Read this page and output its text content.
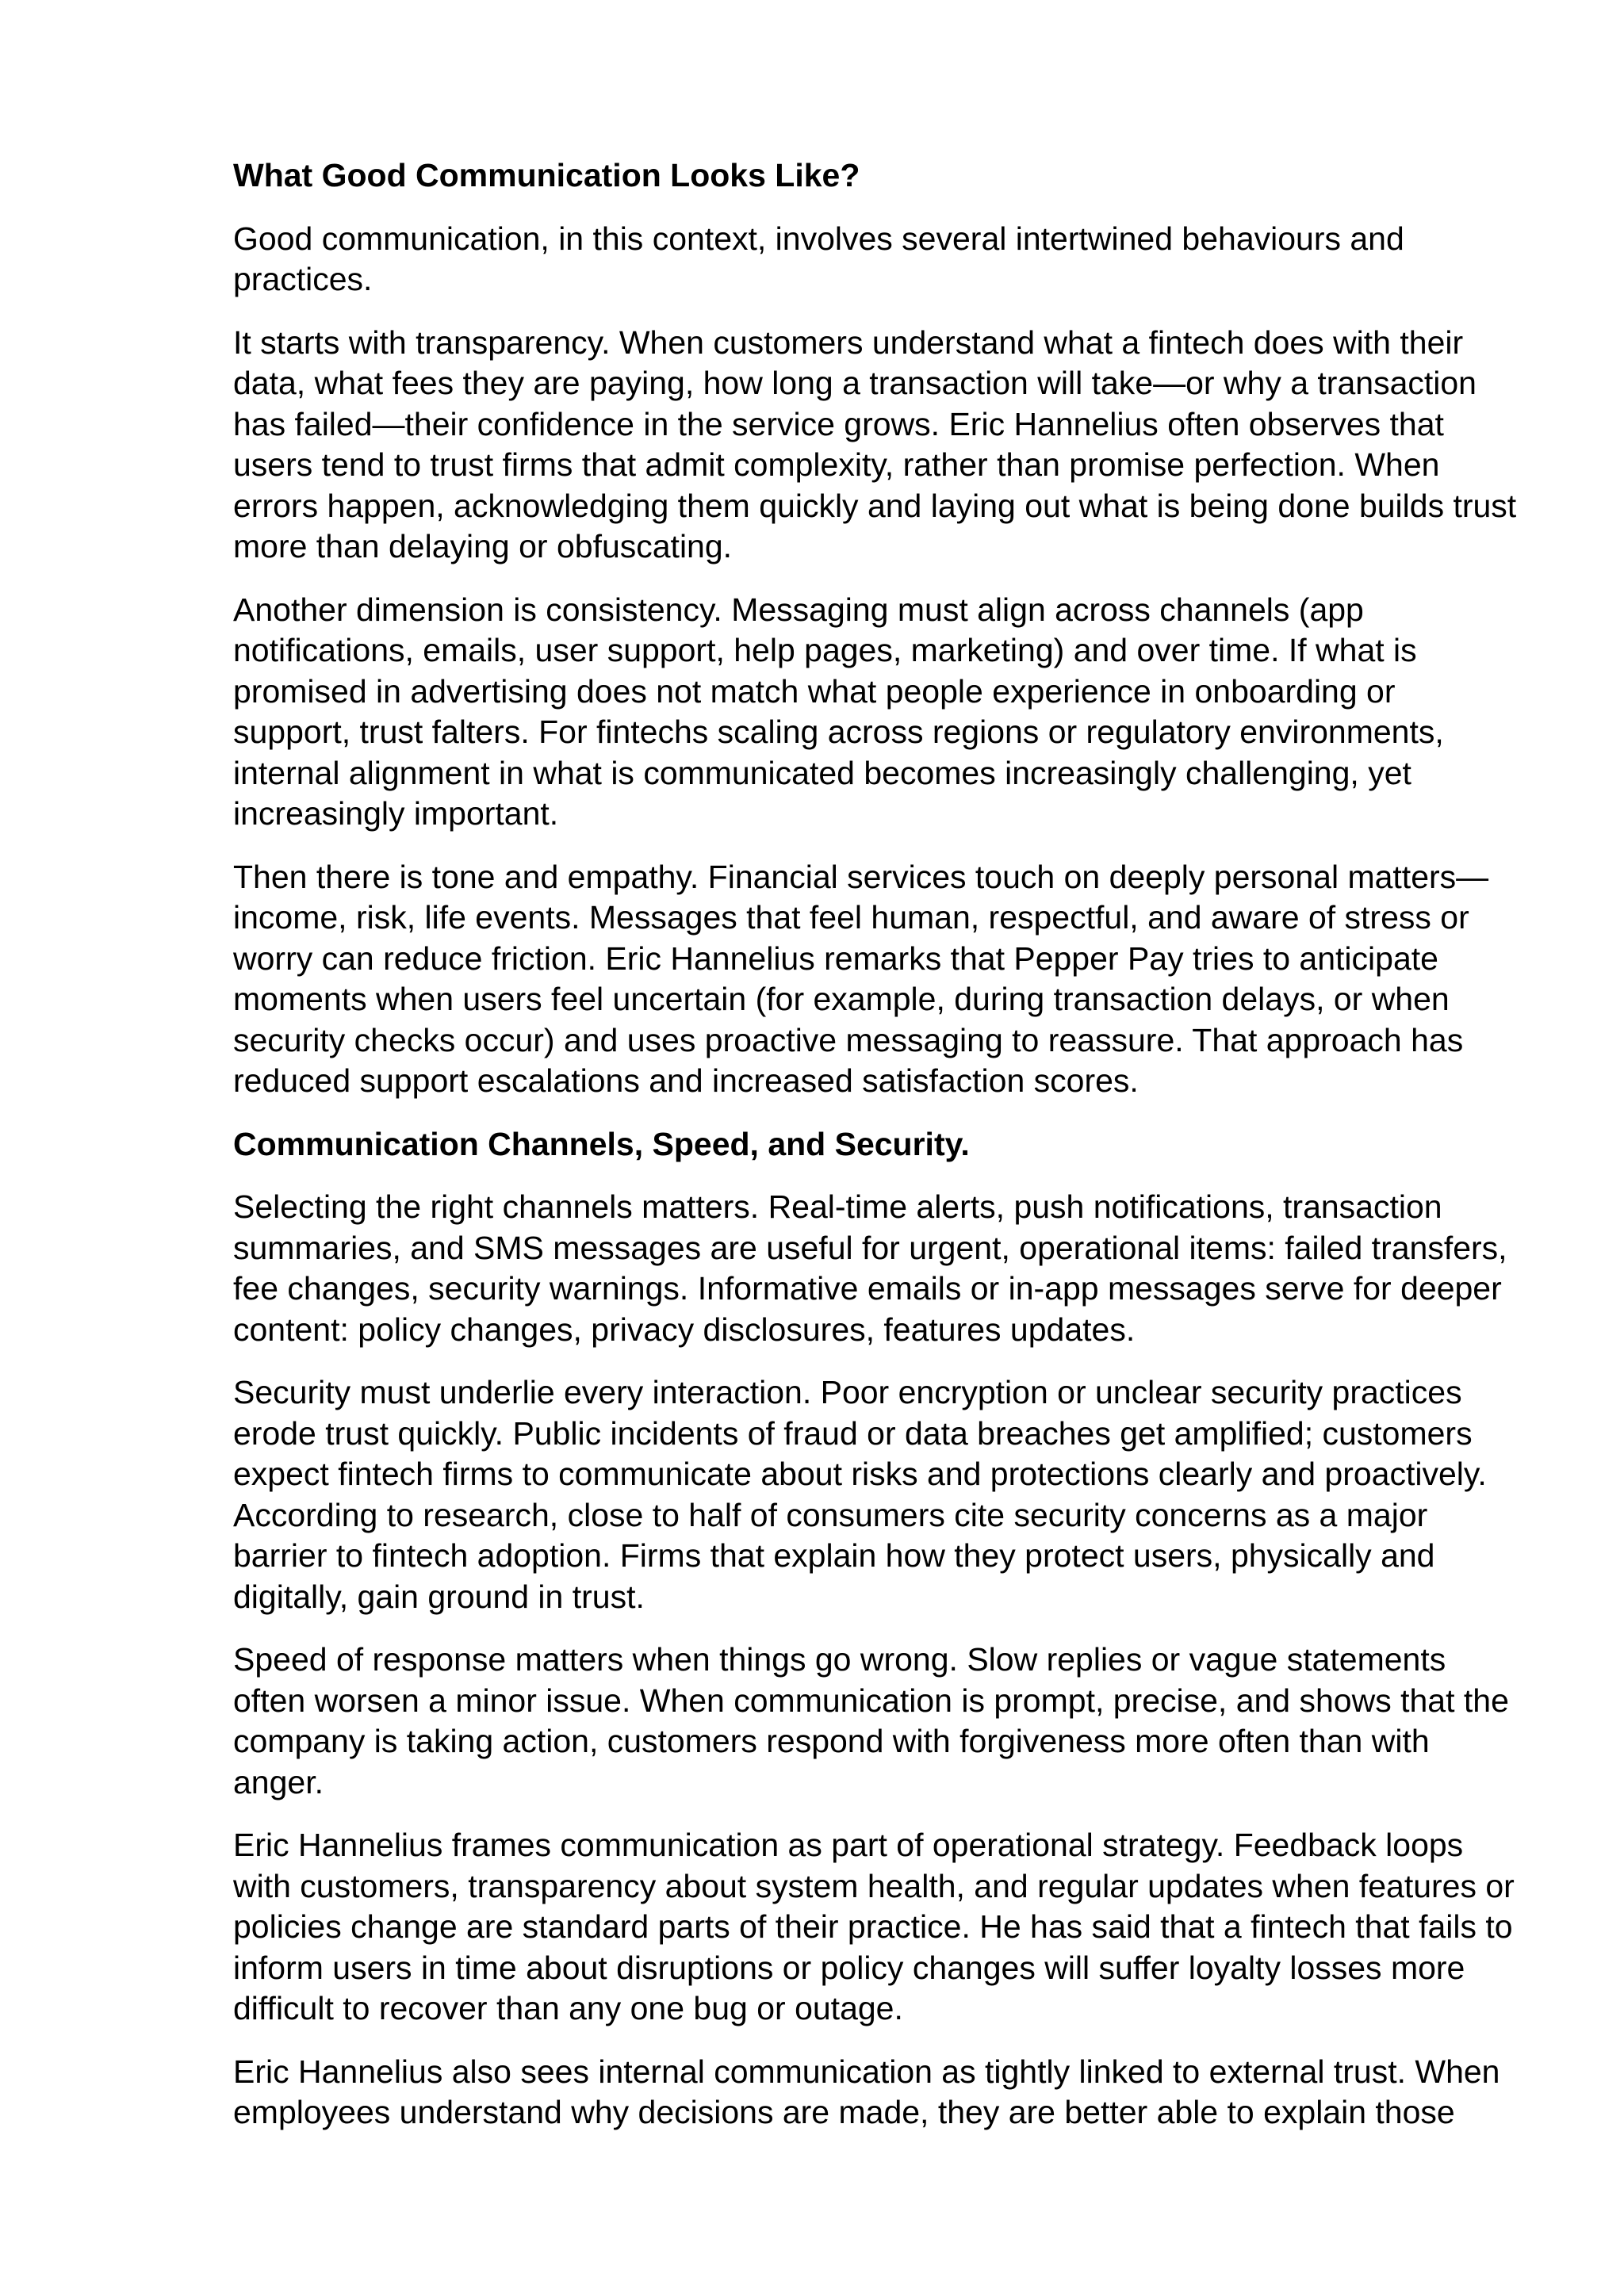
What Good Communication Looks Like?

Good communication, in this context, involves several intertwined behaviours and practices.

It starts with transparency. When customers understand what a fintech does with their data, what fees they are paying, how long a transaction will take—or why a transaction has failed—their confidence in the service grows. Eric Hannelius often observes that users tend to trust firms that admit complexity, rather than promise perfection. When errors happen, acknowledging them quickly and laying out what is being done builds trust more than delaying or obfuscating.

Another dimension is consistency. Messaging must align across channels (app notifications, emails, user support, help pages, marketing) and over time. If what is promised in advertising does not match what people experience in onboarding or support, trust falters. For fintechs scaling across regions or regulatory environments, internal alignment in what is communicated becomes increasingly challenging, yet increasingly important.

Then there is tone and empathy. Financial services touch on deeply personal matters—income, risk, life events. Messages that feel human, respectful, and aware of stress or worry can reduce friction. Eric Hannelius remarks that Pepper Pay tries to anticipate moments when users feel uncertain (for example, during transaction delays, or when security checks occur) and uses proactive messaging to reassure. That approach has reduced support escalations and increased satisfaction scores.

Communication Channels, Speed, and Security.

Selecting the right channels matters. Real-time alerts, push notifications, transaction summaries, and SMS messages are useful for urgent, operational items: failed transfers, fee changes, security warnings. Informative emails or in-app messages serve for deeper content: policy changes, privacy disclosures, features updates.

Security must underlie every interaction. Poor encryption or unclear security practices erode trust quickly. Public incidents of fraud or data breaches get amplified; customers expect fintech firms to communicate about risks and protections clearly and proactively. According to research, close to half of consumers cite security concerns as a major barrier to fintech adoption. Firms that explain how they protect users, physically and digitally, gain ground in trust.

Speed of response matters when things go wrong. Slow replies or vague statements often worsen a minor issue. When communication is prompt, precise, and shows that the company is taking action, customers respond with forgiveness more often than with anger.

Eric Hannelius frames communication as part of operational strategy. Feedback loops with customers, transparency about system health, and regular updates when features or policies change are standard parts of their practice. He has said that a fintech that fails to inform users in time about disruptions or policy changes will suffer loyalty losses more difficult to recover than any one bug or outage.

Eric Hannelius also sees internal communication as tightly linked to external trust. When employees understand why decisions are made, they are better able to explain those
